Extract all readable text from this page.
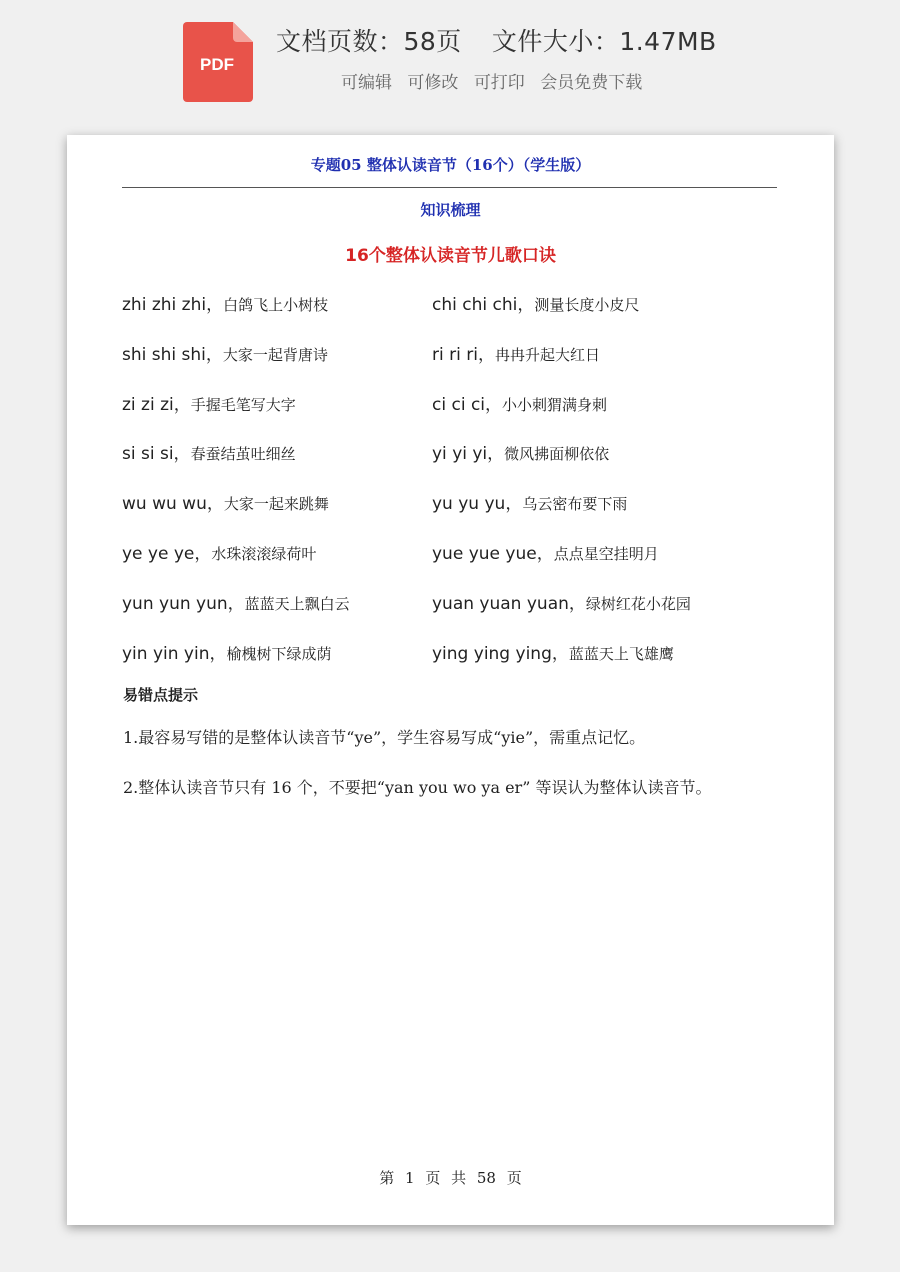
PDF
文档页数：58页 文件大小：1.47MB
可编辑 可修改 可打印 会员免费下载
专题05 整体认读音节（16个）（学生版）
知识梳理
16个整体认读音节儿歌口诀
zhi zhi zhi，白鸽飞上小树枝	chi chi chi，测量长度小皮尺
shi shi shi，大家一起背唐诗	ri ri ri，冉冉升起大红日
zi zi zi，手握毛笔写大字	ci ci ci，小小刺猬满身刺
si si si，春蚕结茧吐细丝	yi yi yi，微风拂面柳依依
wu wu wu，大家一起来跳舞	yu yu yu，乌云密布要下雨
ye ye ye，水珠滚滚绿荷叶	yue yue yue，点点星空挂明月
yun yun yun，蓝蓝天上飘白云	yuan yuan yuan，绿树红花小花园
yin yin yin，榆槐树下绿成荫	ying ying ying，蓝蓝天上飞雄鹰
易错点提示
1.最容易写错的是整体认读音节“ye”，学生容易写成“yie”，需重点记忆。
2.整体认读音节只有 16 个，不要把“yan you wo ya er” 等误认为整体认读音节。
第 1 页 共 58 页
